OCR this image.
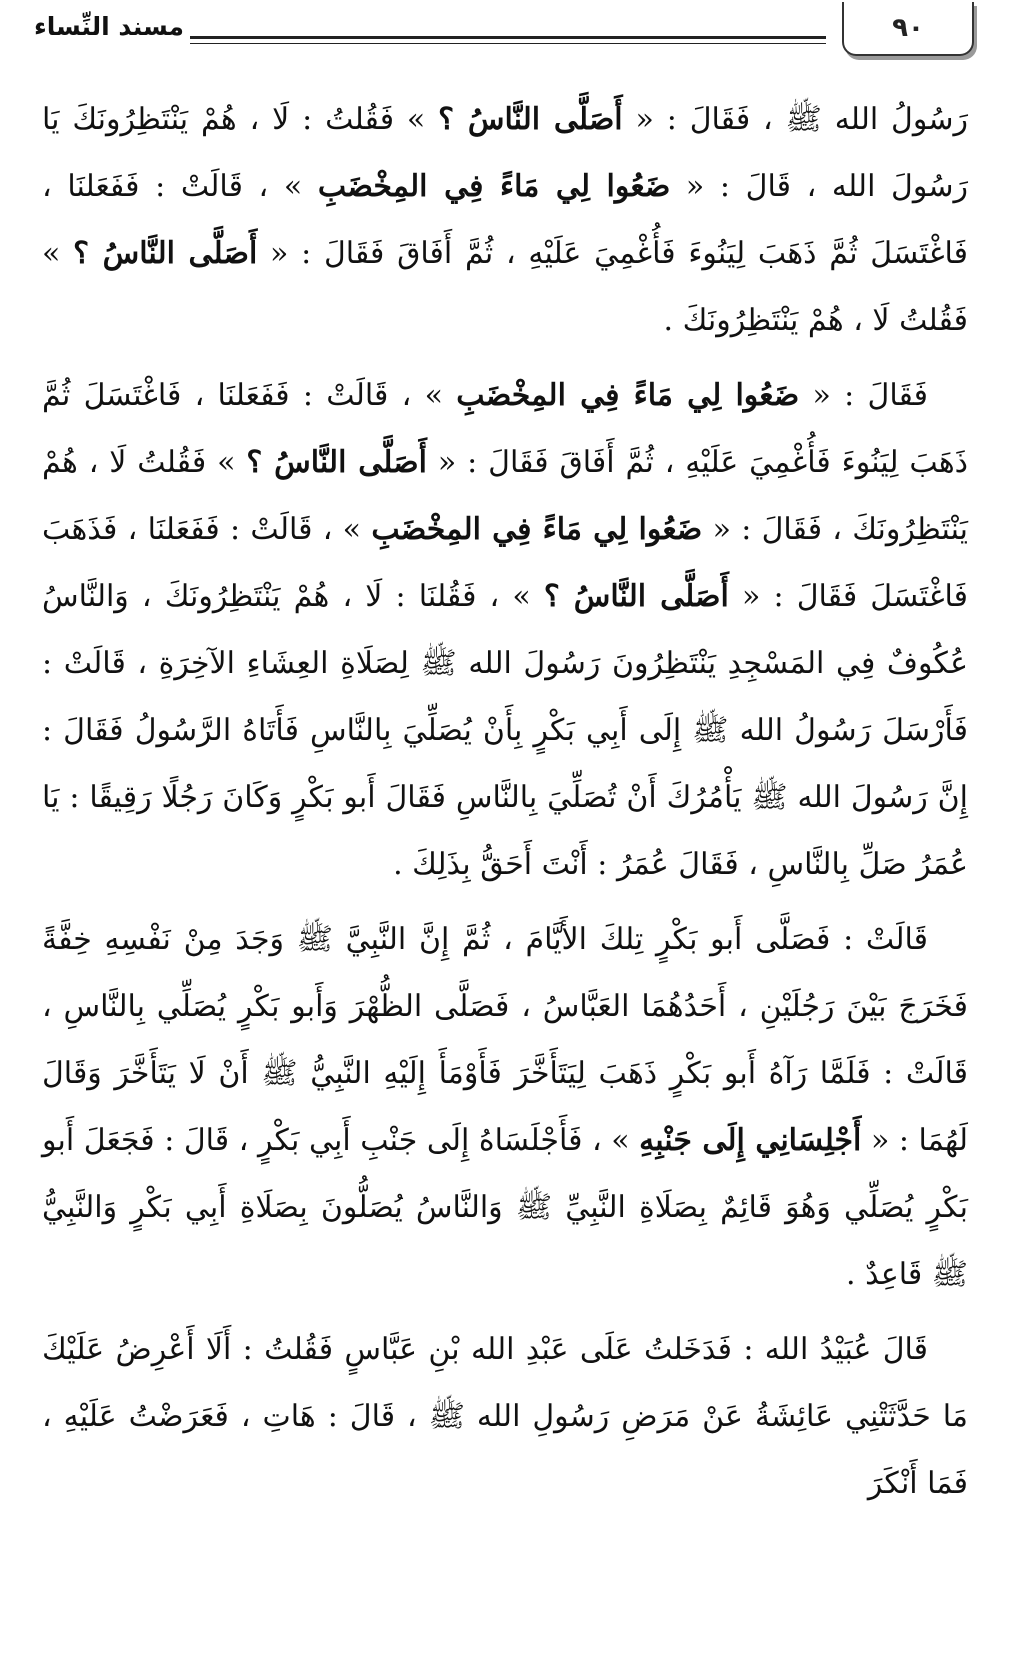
٩٠
مسند النِّساء

رَسُولُ الله ﷺ ، فَقَالَ : « أَصَلَّى النَّاسُ ؟ » فَقُلتُ : لَا ، هُمْ يَنْتَظِرُونَكَ يَا رَسُولَ الله ، قَالَ : « ضَعُوا لِي مَاءً فِي المِخْضَبِ » ، قَالَتْ : فَفَعَلنَا ، فَاغْتَسَلَ ثُمَّ ذَهَبَ لِيَنُوءَ فَأُغْمِيَ عَلَيْهِ ، ثُمَّ أَفَاقَ فَقَالَ : « أَصَلَّى النَّاسُ ؟ » فَقُلتُ لَا ، هُمْ يَنْتَظِرُونَكَ .

فَقَالَ : « ضَعُوا لِي مَاءً فِي المِخْضَبِ » ، قَالَتْ : فَفَعَلنَا ، فَاغْتَسَلَ ثُمَّ ذَهَبَ لِيَنُوءَ فَأُغْمِيَ عَلَيْهِ ، ثُمَّ أَفَاقَ فَقَالَ : « أَصَلَّى النَّاسُ ؟ » فَقُلتُ لَا ، هُمْ يَنْتَظِرُونَكَ ، فَقَالَ : « ضَعُوا لِي مَاءً فِي المِخْضَبِ » ، قَالَتْ : فَفَعَلنَا ، فَذَهَبَ فَاغْتَسَلَ فَقَالَ : « أَصَلَّى النَّاسُ ؟ » ، فَقُلنَا : لَا ، هُمْ يَنْتَظِرُونَكَ ، وَالنَّاسُ عُكُوفٌ فِي المَسْجِدِ يَنْتَظِرُونَ رَسُولَ الله ﷺ لِصَلَاةِ العِشَاءِ الآخِرَةِ ، قَالَتْ : فَأَرْسَلَ رَسُولُ الله ﷺ إِلَى أَبِي بَكْرٍ بِأَنْ يُصَلِّيَ بِالنَّاسِ فَأَتَاهُ الرَّسُولُ فَقَالَ : إِنَّ رَسُولَ الله ﷺ يَأْمُرُكَ أَنْ تُصَلِّيَ بِالنَّاسِ فَقَالَ أَبو بَكْرٍ وَكَانَ رَجُلًا رَقِيقًا : يَا عُمَرُ صَلِّ بِالنَّاسِ ، فَقَالَ عُمَرُ : أَنْتَ أَحَقُّ بِذَلِكَ .

قَالَتْ : فَصَلَّى أَبو بَكْرٍ تِلكَ الأَيَّامَ ، ثُمَّ إِنَّ النَّبِيَّ ﷺ وَجَدَ مِنْ نَفْسِهِ خِفَّةً فَخَرَجَ بَيْنَ رَجُلَيْنِ ، أَحَدُهُمَا العَبَّاسُ ، فَصَلَّى الظُّهْرَ وَأَبو بَكْرٍ يُصَلِّي بِالنَّاسِ ، قَالَتْ : فَلَمَّا رَآهُ أَبو بَكْرٍ ذَهَبَ لِيَتَأَخَّرَ فَأَوْمَأَ إِلَيْهِ النَّبِيُّ ﷺ أَنْ لَا يَتَأَخَّرَ وَقَالَ لَهُمَا : « أَجْلِسَانِي إِلَى جَنْبِهِ » ، فَأَجْلَسَاهُ إِلَى جَنْبِ أَبِي بَكْرٍ ، قَالَ : فَجَعَلَ أَبو بَكْرٍ يُصَلِّي وَهُوَ قَائِمٌ بِصَلَاةِ النَّبِيِّ ﷺ وَالنَّاسُ يُصَلُّونَ بِصَلَاةِ أَبِي بَكْرٍ وَالنَّبِيُّ ﷺ قَاعِدٌ .

قَالَ عُبَيْدُ الله : فَدَخَلتُ عَلَى عَبْدِ الله بْنِ عَبَّاسٍ فَقُلتُ : أَلَا أَعْرِضُ عَلَيْكَ مَا حَدَّثَتْنِي عَائِشَةُ عَنْ مَرَضِ رَسُولِ الله ﷺ ، قَالَ : هَاتِ ، فَعَرَضْتُ عَلَيْهِ ، فَمَا أَنْكَرَ
